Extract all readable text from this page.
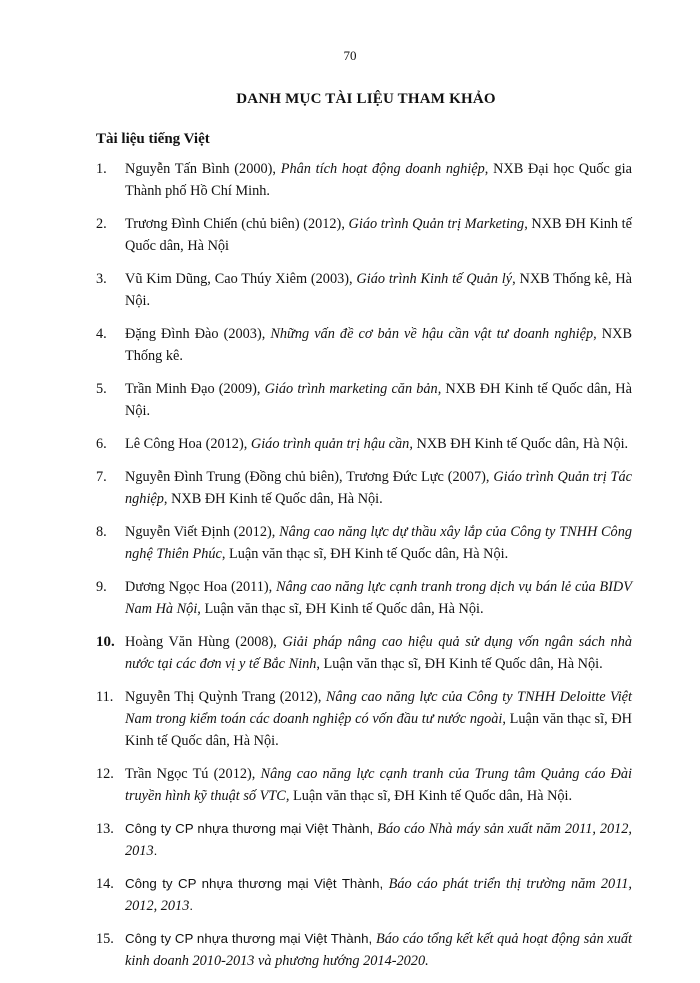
70
DANH MỤC TÀI LIỆU THAM KHẢO
Tài liệu tiếng Việt
1. Nguyễn Tấn Bình (2000), Phân tích hoạt động doanh nghiệp, NXB Đại học Quốc gia Thành phố Hồ Chí Minh.
2. Trương Đình Chiến (chủ biên) (2012), Giáo trình Quản trị Marketing, NXB ĐH Kinh tế Quốc dân, Hà Nội
3. Vũ Kim Dũng, Cao Thúy Xiêm (2003), Giáo trình Kinh tế Quản lý, NXB Thống kê, Hà Nội.
4. Đặng Đình Đào (2003), Những vấn đề cơ bản về hậu cần vật tư doanh nghiệp, NXB Thống kê.
5. Trần Minh Đạo (2009), Giáo trình marketing căn bản, NXB ĐH Kinh tế Quốc dân, Hà Nội.
6. Lê Công Hoa (2012), Giáo trình quản trị hậu cần, NXB ĐH Kinh tế Quốc dân, Hà Nội.
7. Nguyễn Đình Trung (Đồng chủ biên), Trương Đức Lực (2007), Giáo trình Quản trị Tác nghiệp, NXB ĐH Kinh tế Quốc dân, Hà Nội.
8. Nguyễn Viết Định (2012), Nâng cao năng lực dự thầu xây lắp của Công ty TNHH Công nghệ Thiên Phúc, Luận văn thạc sĩ, ĐH Kinh tế Quốc dân, Hà Nội.
9. Dương Ngọc Hoa (2011), Nâng cao năng lực cạnh tranh trong dịch vụ bán lẻ của BIDV Nam Hà Nội, Luận văn thạc sĩ, ĐH Kinh tế Quốc dân, Hà Nội.
10. Hoàng Văn Hùng (2008), Giải pháp nâng cao hiệu quả sử dụng vốn ngân sách nhà nước tại các đơn vị y tế Bắc Ninh, Luận văn thạc sĩ, ĐH Kinh tế Quốc dân, Hà Nội.
11. Nguyễn Thị Quỳnh Trang (2012), Nâng cao năng lực của Công ty TNHH Deloitte Việt Nam trong kiểm toán các doanh nghiệp có vốn đầu tư nước ngoài, Luận văn thạc sĩ, ĐH Kinh tế Quốc dân, Hà Nội.
12. Trần Ngọc Tú (2012), Nâng cao năng lực cạnh tranh của Trung tâm Quảng cáo Đài truyền hình kỹ thuật số VTC, Luận văn thạc sĩ, ĐH Kinh tế Quốc dân, Hà Nội.
13. Công ty CP nhựa thương mại Việt Thành, Báo cáo Nhà máy sản xuất năm 2011, 2012, 2013.
14. Công ty CP nhựa thương mại Việt Thành, Báo cáo phát triển thị trường năm 2011, 2012, 2013.
15. Công ty CP nhựa thương mại Việt Thành, Báo cáo tổng kết kết quả hoạt động sản xuất kinh doanh 2010-2013 và phương hướng 2014-2020.
